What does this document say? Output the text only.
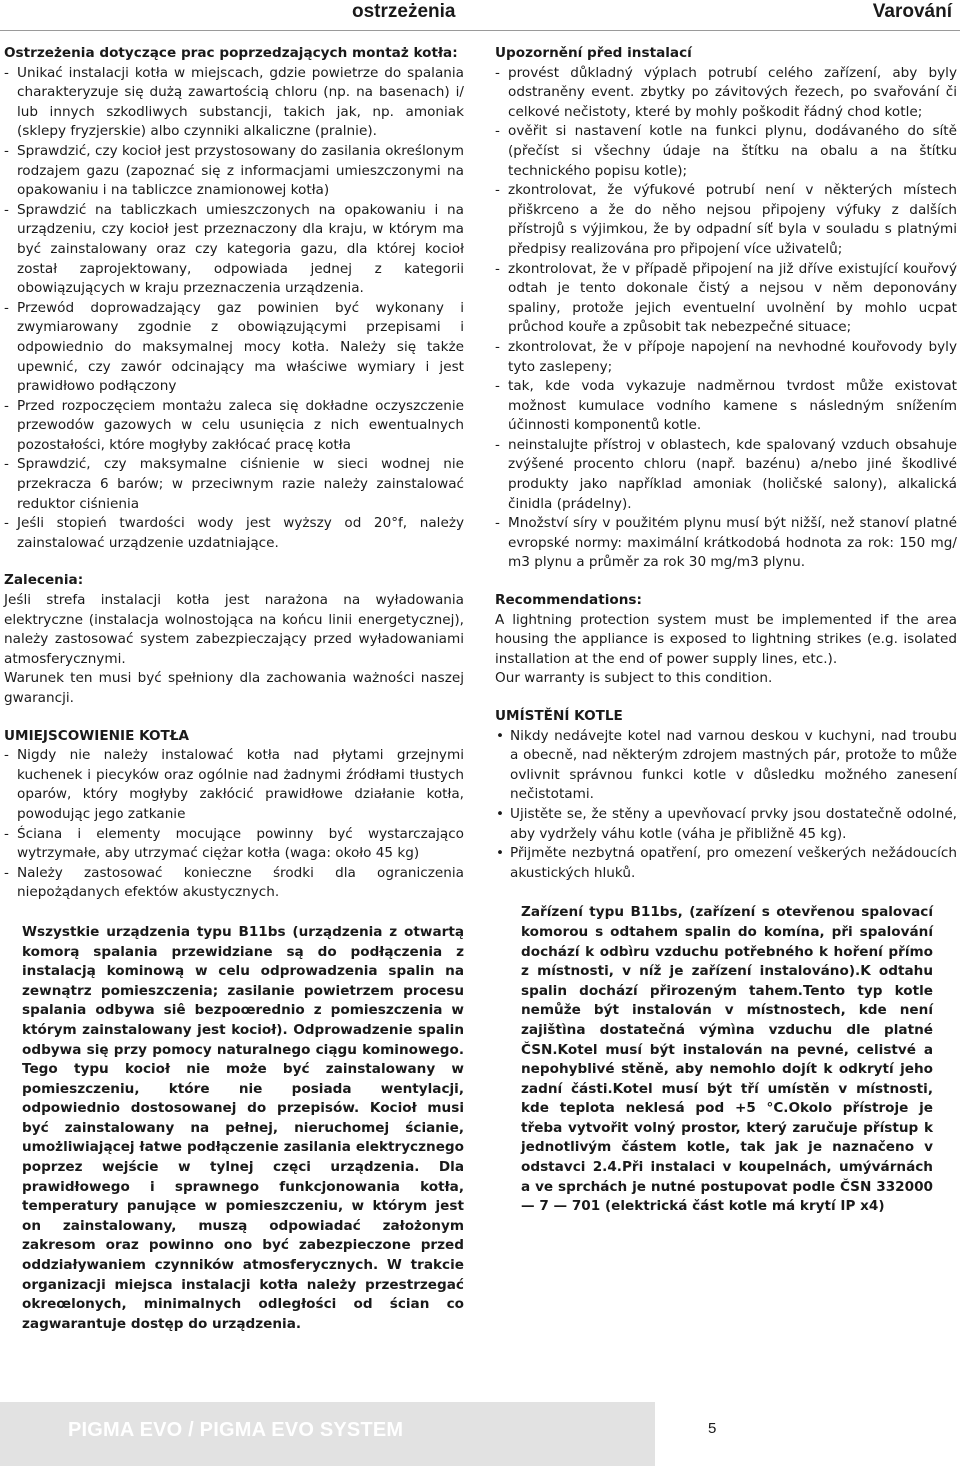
ostrzeżenia	Varování

Ostrzeżenia dotyczące prac poprzedzających montaż kotła:

- Unikać instalacji kotła w miejscach, gdzie powietrze do spalania charakteryzuje się dużą zawartością chloru (np. na basenach) i/ lub innych szkodliwych substancji, takich jak, np. amoniak (sklepy fryzjerskie) albo czynniki alkaliczne (pralnie).
- Sprawdzić, czy kocioł jest przystosowany do zasilania określonym rodzajem gazu (zapoznać się z informacjami umieszczonymi na opakowaniu i na tabliczce znamionowej kotła)
- Sprawdzić na tabliczkach umieszczonych na opakowaniu i na urządzeniu, czy kocioł jest przeznaczony dla kraju, w którym ma być zainstalowany oraz czy kategoria gazu, dla której kocioł został zaprojektowany, odpowiada jednej z kategorii obowiązujących w kraju przeznaczenia urządzenia.
- Przewód doprowadzający gaz powinien być wykonany i zwymiarowany zgodnie z obowiązującymi przepisami i odpowiednio do maksymalnej mocy kotła. Należy się także upewnić, czy zawór odcinający ma właściwe wymiary i jest prawidłowo podłączony
- Przed rozpoczęciem montażu zaleca się dokładne oczyszczenie przewodów gazowych w celu usunięcia z nich ewentualnych pozostałości, które mogłyby zakłócać pracę kotła
- Sprawdzić, czy maksymalne ciśnienie w sieci wodnej nie przekracza 6 barów; w przeciwnym razie należy zainstalować reduktor ciśnienia
- Jeśli stopień twardości wody jest wyższy od 20°f, należy zainstalować urządzenie uzdatniające.

Zalecenia:

Jeśli strefa instalacji kotła jest narażona na wyładowania elektryczne (instalacja wolnostojąca na końcu linii energetycznej), należy zastosować system zabezpieczający przed wyładowaniami atmosferycznymi.

Warunek ten musi być spełniony dla zachowania ważności naszej gwarancji.

UMIEJSCOWIENIE KOTŁA

- Nigdy nie należy instalować kotła nad płytami grzejnymi kuchenek i piecyków oraz ogólnie nad żadnymi źródłami tłustych oparów, który mogłyby zakłócić prawidłowe działanie kotła, powodując jego zatkanie
- Ściana i elementy mocujące powinny być wystarczająco wytrzymałe, aby utrzymać ciężar kotła (waga: około 45 kg)
- Należy zastosować konieczne środki dla ograniczenia niepożądanych efektów akustycznych.

Wszystkie urządzenia typu B11bs (urządzenia z otwartą komorą spalania przewidziane są do podłączenia z instalacją kominową w celu odprowadzenia spalin na zewnątrz pomieszczenia; zasilanie powietrzem procesu spalania odbywa siê bezpoœrednio z pomieszczenia w którym zainstalowany jest kocioł). Odprowadzenie spalin odbywa się przy pomocy naturalnego ciągu kominowego. Tego typu kocioł nie może być zainstalowany w pomieszczeniu, które nie posiada wentylacji, odpowiednio dostosowanej do przepisów. Kocioł musi być zainstalowany na pełnej, nieruchomej ścianie, umożliwiającej łatwe podłączenie zasilania elektrycznego poprzez wejście w tylnej częci urządzenia. Dla prawidłowego i sprawnego funkcjonowania kotła, temperatury panujące w pomieszczeniu, w którym jest on zainstalowany, muszą odpowiadać założonym zakresom oraz powinno ono być zabezpieczone przed oddziaływaniem czynników atmosferycznych. W trakcie organizacji miejsca instalacji kotła należy przestrzegać okreœlonych, minimalnych odległości od ścian co zagwarantuje dostęp do urządzenia.

Upozornění před instalací

- provést důkladný výplach potrubí celého zařízení, aby byly odstraněny event. zbytky po závitových řezech, po svařování či celkové nečistoty, které by mohly poškodit řádný chod kotle;
- ověřit si nastavení kotle na funkci plynu, dodávaného do sítě (přečíst si všechny údaje na štítku na obalu a na štítku technického popisu kotle);
- zkontrolovat, že výfukové potrubí není v některých místech přiškrceno a že do něho nejsou připojeny výfuky z dalších přístrojů s výjimkou, že by odpadní síť byla v souladu s platnými předpisy realizována pro připojení více uživatelů;
- zkontrolovat, že v případě připojení na již dříve existující kouřový odtah je tento dokonale čistý a nejsou v něm deponovány spaliny, protože jejich eventuelní uvolnění by mohlo ucpat průchod kouře a způsobit tak nebezpečné situace;
- zkontrolovat, že v přípoje napojení na nevhodné kouřovody byly tyto zaslepeny;
- tak, kde voda vykazuje nadměrnou tvrdost může existovat možnost kumulace vodního kamene s následným snížením účinnosti komponentů kotle.
- neinstalujte přístroj v oblastech, kde spalovaný vzduch obsahuje zvýšené procento chloru (např. bazénu) a/nebo jiné škodlivé produkty jako například amoniak (holičské salony), alkalická činidla (prádelny).
- Množství síry v použitém plynu musí být nižší, než stanoví platné evropské normy: maximální krátkodobá hodnota za rok: 150 mg/ m3 plynu a průměr za rok 30 mg/m3 plynu.

Recommendations:

A lightning protection system must be implemented if the area housing the appliance is exposed to lightning strikes (e.g. isolated installation at the end of power supply lines, etc.).

Our warranty is subject to this condition.

UMÍSTĚNÍ KOTLE

• Nikdy nedávejte kotel nad varnou deskou v kuchyni, nad troubu a obecně, nad některým zdrojem mastných pár, protože to může ovlivnit správnou funkci kotle v důsledku možného zanesení nečistotami.
• Ujistěte se, že stěny a upevňovací prvky jsou dostatečně odolné, aby vydržely váhu kotle (váha je přibližně 45 kg).
• Přijměte nezbytná opatření, pro omezení veškerých nežádoucích akustických hluků.

Zařízení typu B11bs, (zařízení s otevřenou spalovací komorou s odtahem spalin do komína, při spalování dochází k odbìru vzduchu potřebného k hoření přímo z místnosti, v níž je zařízení instalováno).K odtahu spalin dochází přirozeným tahem.Tento typ kotle nemůže být instalován v místnostech, kde není zajištìna dostatečná výmìna vzduchu dle platné ČSN.Kotel musí být instalován na pevné, celistvé a nepohyblivé stěně, aby nemohlo dojít k odkrytí jeho zadní části.Kotel musí být tří umístěn v místnosti, kde teplota neklesá pod +5 °C.Okolo přístroje je třeba vytvořit volný prostor, který zaručuje přístup k jednotlivým částem kotle, tak jak je naznačeno v odstavci 2.4.Při instalaci v koupelnách, umývárnách a ve sprchách je nutné postupovat podle ČSN 332000 — 7 — 701 (elektrická část kotle má krytí IP x4)

PIGMA EVO / PIGMA EVO SYSTEM	5
